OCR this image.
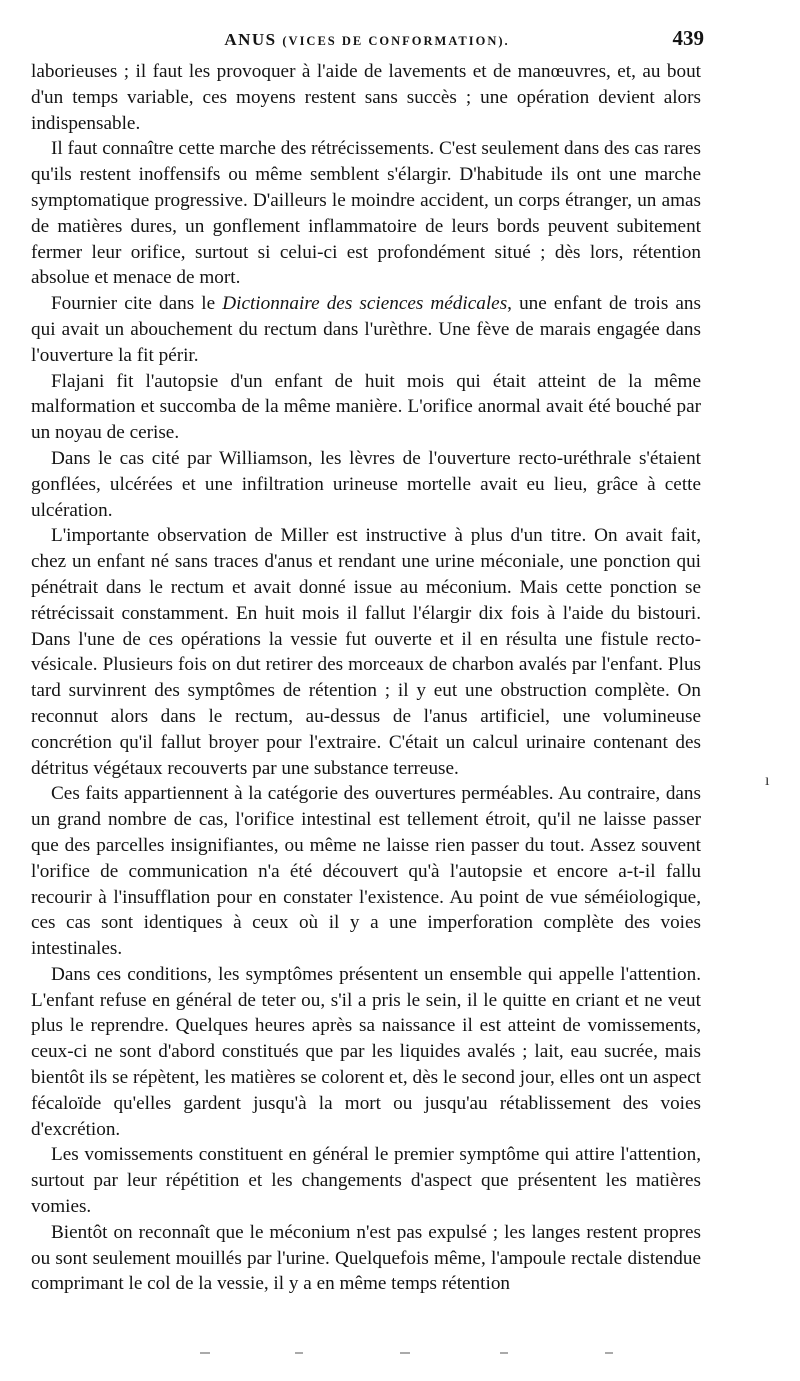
ANUS (VICES DE CONFORMATION).	439

laborieuses ; il faut les provoquer à l'aide de lavements et de manœuvres, et, au bout d'un temps variable, ces moyens restent sans succès ; une opération devient alors indispensable.

Il faut connaître cette marche des rétrécissements. C'est seulement dans des cas rares qu'ils restent inoffensifs ou même semblent s'élargir. D'habitude ils ont une marche symptomatique progressive. D'ailleurs le moindre accident, un corps étranger, un amas de matières dures, un gonflement inflammatoire de leurs bords peuvent subitement fermer leur orifice, surtout si celui-ci est profondément situé ; dès lors, rétention absolue et menace de mort.

Fournier cite dans le Dictionnaire des sciences médicales, une enfant de trois ans qui avait un abouchement du rectum dans l'urèthre. Une fève de marais engagée dans l'ouverture la fit périr.

Flajani fit l'autopsie d'un enfant de huit mois qui était atteint de la même malformation et succomba de la même manière. L'orifice anormal avait été bouché par un noyau de cerise.

Dans le cas cité par Williamson, les lèvres de l'ouverture recto-uréthrale s'étaient gonflées, ulcérées et une infiltration urineuse mortelle avait eu lieu, grâce à cette ulcération.

L'importante observation de Miller est instructive à plus d'un titre. On avait fait, chez un enfant né sans traces d'anus et rendant une urine méconiale, une ponction qui pénétrait dans le rectum et avait donné issue au méconium. Mais cette ponction se rétrécissait constamment. En huit mois il fallut l'élargir dix fois à l'aide du bistouri. Dans l'une de ces opérations la vessie fut ouverte et il en résulta une fistule recto-vésicale. Plusieurs fois on dut retirer des morceaux de charbon avalés par l'enfant. Plus tard survinrent des symptômes de rétention ; il y eut une obstruction complète. On reconnut alors dans le rectum, au-dessus de l'anus artificiel, une volumineuse concrétion qu'il fallut broyer pour l'extraire. C'était un calcul urinaire contenant des détritus végétaux recouverts par une substance terreuse.

Ces faits appartiennent à la catégorie des ouvertures perméables. Au contraire, dans un grand nombre de cas, l'orifice intestinal est tellement étroit, qu'il ne laisse passer que des parcelles insignifiantes, ou même ne laisse rien passer du tout. Assez souvent l'orifice de communication n'a été découvert qu'à l'autopsie et encore a-t-il fallu recourir à l'insufflation pour en constater l'existence. Au point de vue séméiologique, ces cas sont identiques à ceux où il y a une imperforation complète des voies intestinales.

Dans ces conditions, les symptômes présentent un ensemble qui appelle l'attention. L'enfant refuse en général de teter ou, s'il a pris le sein, il le quitte en criant et ne veut plus le reprendre. Quelques heures après sa naissance il est atteint de vomissements, ceux-ci ne sont d'abord constitués que par les liquides avalés ; lait, eau sucrée, mais bientôt ils se répètent, les matières se colorent et, dès le second jour, elles ont un aspect fécaloïde qu'elles gardent jusqu'à la mort ou jusqu'au rétablissement des voies d'excrétion.

Les vomissements constituent en général le premier symptôme qui attire l'attention, surtout par leur répétition et les changements d'aspect que présentent les matières vomies.

Bientôt on reconnaît que le méconium n'est pas expulsé ; les langes restent propres ou sont seulement mouillés par l'urine. Quelquefois même, l'ampoule rectale distendue comprimant le col de la vessie, il y a en même temps rétention

ı
